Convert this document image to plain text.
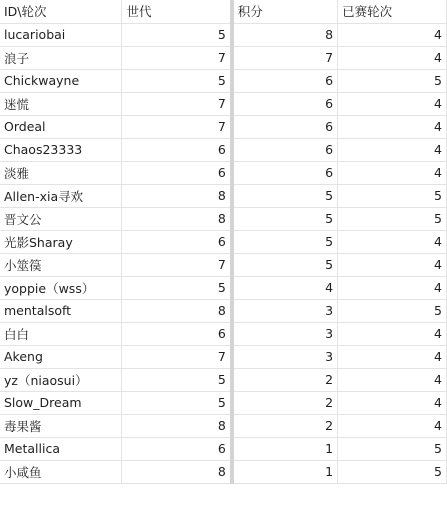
ID\轮次	世代	积分	已赛轮次
lucariobai	5	8	4
浪子	7	7	4
Chickwayne	5	6	5
迷慌	7	6	4
Ordeal	7	6	4
Chaos23333	6	6	4
淡雅	6	6	4
Allen-xia寻欢	8	5	5
晋文公	8	5	5
光影Sharay	6	5	4
小筮篌	7	5	4
yoppie（wss）	5	4	4
mentalsoft	8	3	5
白白	6	3	4
Akeng	7	3	4
yz（niaosui）	5	2	4
Slow_Dream	5	2	4
毒果酱	8	2	4
Metallica	6	1	5
小咸鱼	8	1	5
